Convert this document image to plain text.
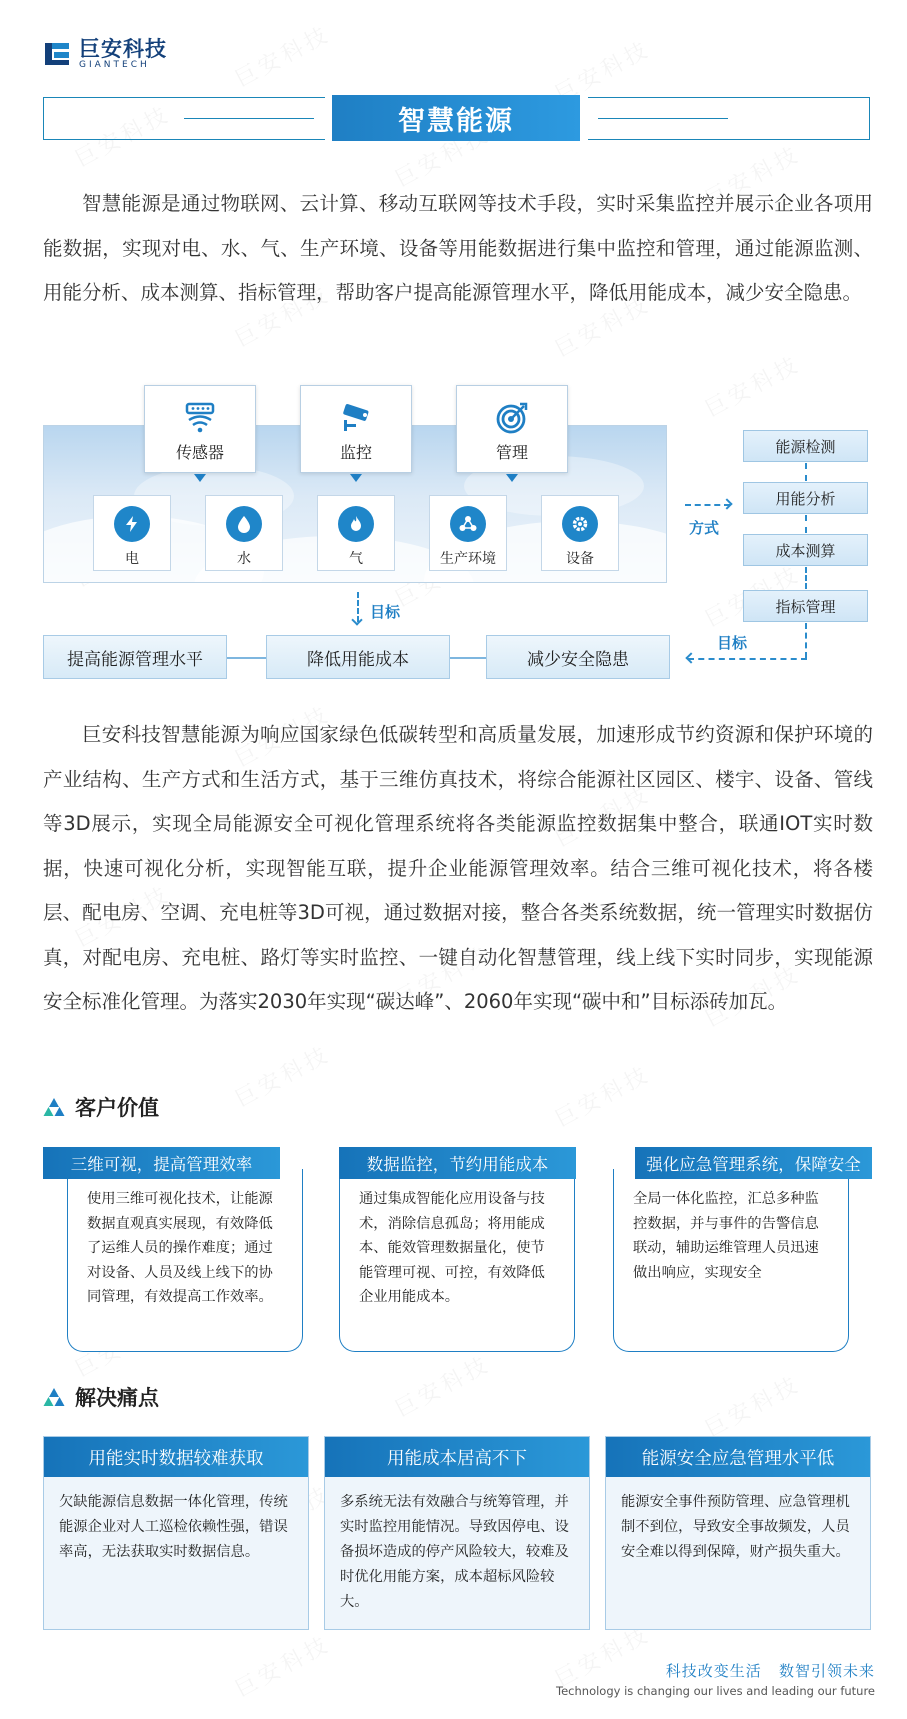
巨安科技
GIANTECH
智慧能源

智慧能源是通过物联网、云计算、移动互联网等技术手段，实时采集监控并展示企业各项用能数据，实现对电、水、气、生产环境、设备等用能数据进行集中监控和管理，通过能源监测、用能分析、成本测算、指标管理，帮助客户提高能源管理水平，降低用能成本，减少安全隐患。

传感器	监控	管理
电	水	气	生产环境	设备
方式
能源检测
用能分析
成本测算
指标管理
目标
目标
提高能源管理水平	降低用能成本	减少安全隐患

巨安科技智慧能源为响应国家绿色低碳转型和高质量发展，加速形成节约资源和保护环境的产业结构、生产方式和生活方式，基于三维仿真技术，将综合能源社区园区、楼宇、设备、管线等3D展示，实现全局能源安全可视化管理系统将各类能源监控数据集中整合，联通IOT实时数据，快速可视化分析，实现智能互联，提升企业能源管理效率。结合三维可视化技术，将各楼层、配电房、空调、充电桩等3D可视，通过数据对接，整合各类系统数据，统一管理实时数据仿真，对配电房、充电桩、路灯等实时监控、一键自动化智慧管理，线上线下实时同步，实现能源安全标准化管理。为落实2030年实现“碳达峰”、2060年实现“碳中和”目标添砖加瓦。

客户价值
三维可视，提高管理效率
使用三维可视化技术，让能源数据直观真实展现，有效降低了运维人员的操作难度；通过对设备、人员及线上线下的协同管理，有效提高工作效率。
数据监控，节约用能成本
通过集成智能化应用设备与技术，消除信息孤岛；将用能成本、能效管理数据量化，使节能管理可视、可控，有效降低企业用能成本。
强化应急管理系统，保障安全
全局一体化监控，汇总多种监控数据，并与事件的告警信息联动，辅助运维管理人员迅速做出响应，实现安全
解决痛点
用能实时数据较难获取
欠缺能源信息数据一体化管理，传统能源企业对人工巡检依赖性强，错误率高，无法获取实时数据信息。
用能成本居高不下
多系统无法有效融合与统筹管理，并实时监控用能情况。导致因停电、设备损坏造成的停产风险较大，较难及时优化用能方案，成本超标风险较大。
能源安全应急管理水平低
能源安全事件预防管理、应急管理机制不到位，导致安全事故频发，人员安全难以得到保障，财产损失重大。
科技改变生活   数智引领未来
Technology is changing our lives and leading our future
